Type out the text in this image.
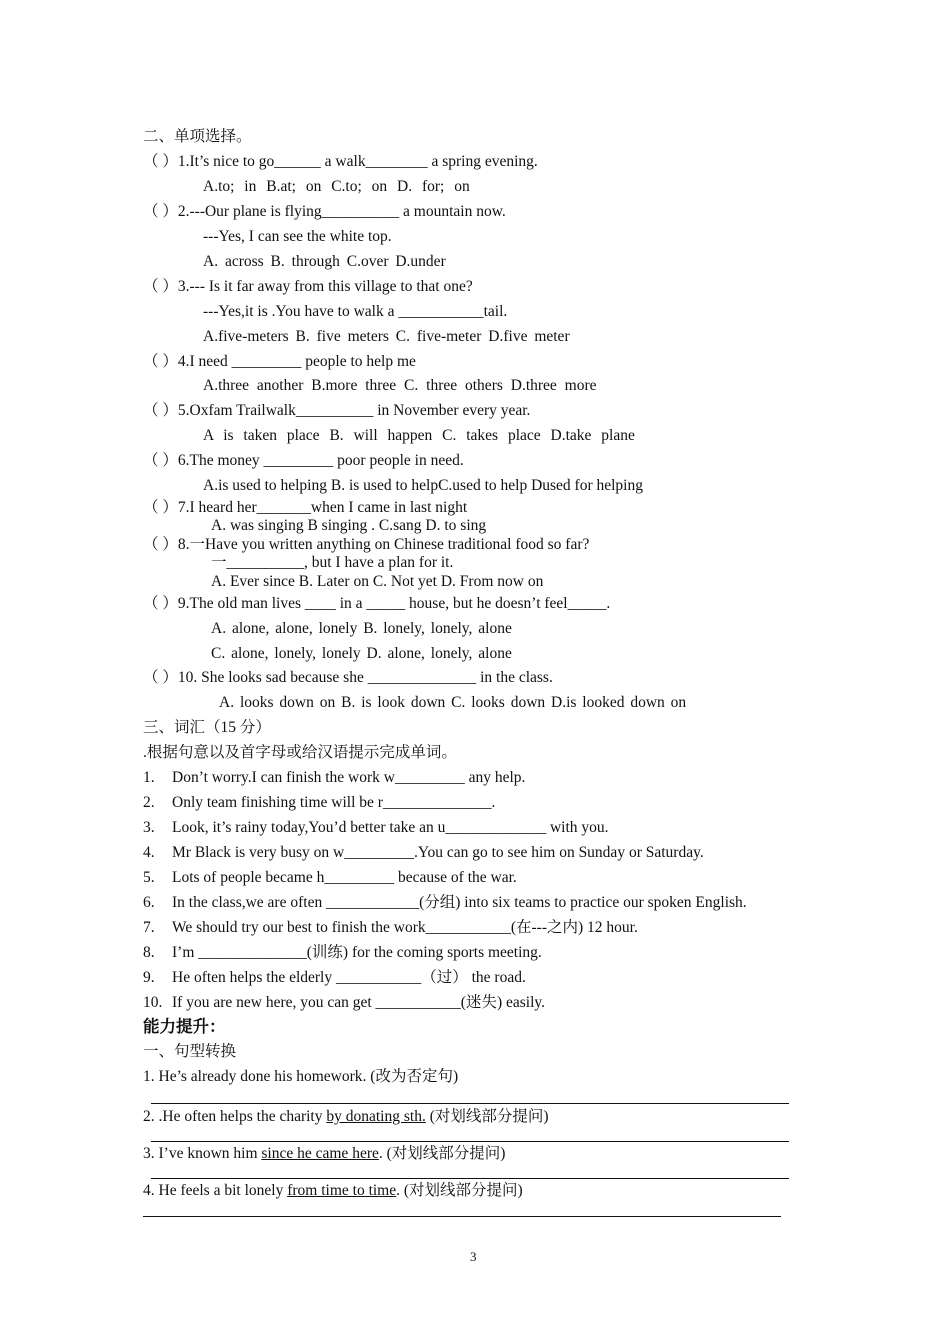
二、单项选择。
（ ）1.It’s nice to go______ a walk________ a spring evening.
A.to; in B.at; on C.to; on D. for; on
（ ）2.---Our plane is flying__________ a mountain now.
---Yes, I can see the white top.
A. across B. through C.over D.under
（ ）3.--- Is it far away from this village to that one?
---Yes,it is .You have to walk a ___________tail.
A.five-meters B. five meters C. five-meter D.five meter
（ ）4.I need _________ people to help me
A.three another B.more three C. three others D.three more
（ ）5.Oxfam Trailwalk__________ in November every year.
A is taken place B. will happen C. takes place D.take plane
（ ）6.The money _________ poor people in need.
A.is used to helping B. is used to helpC.used to help Dused for helping
（ ）7.I heard her_______when I came in last night
A. was singing B singing . C.sang D. to sing
（ ）8.一Have you written anything on Chinese traditional food so far?
一__________, but I have a plan for it.
A. Ever since B. Later on C. Not yet D. From now on
（ ）9.The old man lives ____ in a _____ house, but he doesn’t feel_____.
A. alone, alone, lonely B. lonely, lonely, alone
C. alone, lonely, lonely D. alone, lonely, alone
（ ）10. She looks sad because she ______________ in the class.
A. looks down on B. is look down C. looks down D.is looked down on
三、词汇（15 分）
.根据句意以及首字母或给汉语提示完成单词。
1. Don’t worry.I can finish the work w_________ any help.
2. Only team finishing time will be r______________.
3. Look, it’s rainy today,You’d better take an u_____________ with you.
4. Mr Black is very busy on w_________.You can go to see him on Sunday or Saturday.
5. Lots of people became h_________ because of the war.
6. In the class,we are often ____________(分组) into six teams to practice our spoken English.
7. We should try our best to finish the work___________(在---之内) 12 hour.
8. I’m ______________(训练) for the coming sports meeting.
9. He often helps the elderly ___________（过） the road.
10. If you are new here, you can get ___________(迷失) easily.
能力提升：
一、句型转换
1. He’s already done his homework. (改为否定句)
2. .He often helps the charity by donating sth. (对划线部分提问)
3. I’ve known him since he came here. (对划线部分提问)
4. He feels a bit lonely from time to time. (对划线部分提问)
3
